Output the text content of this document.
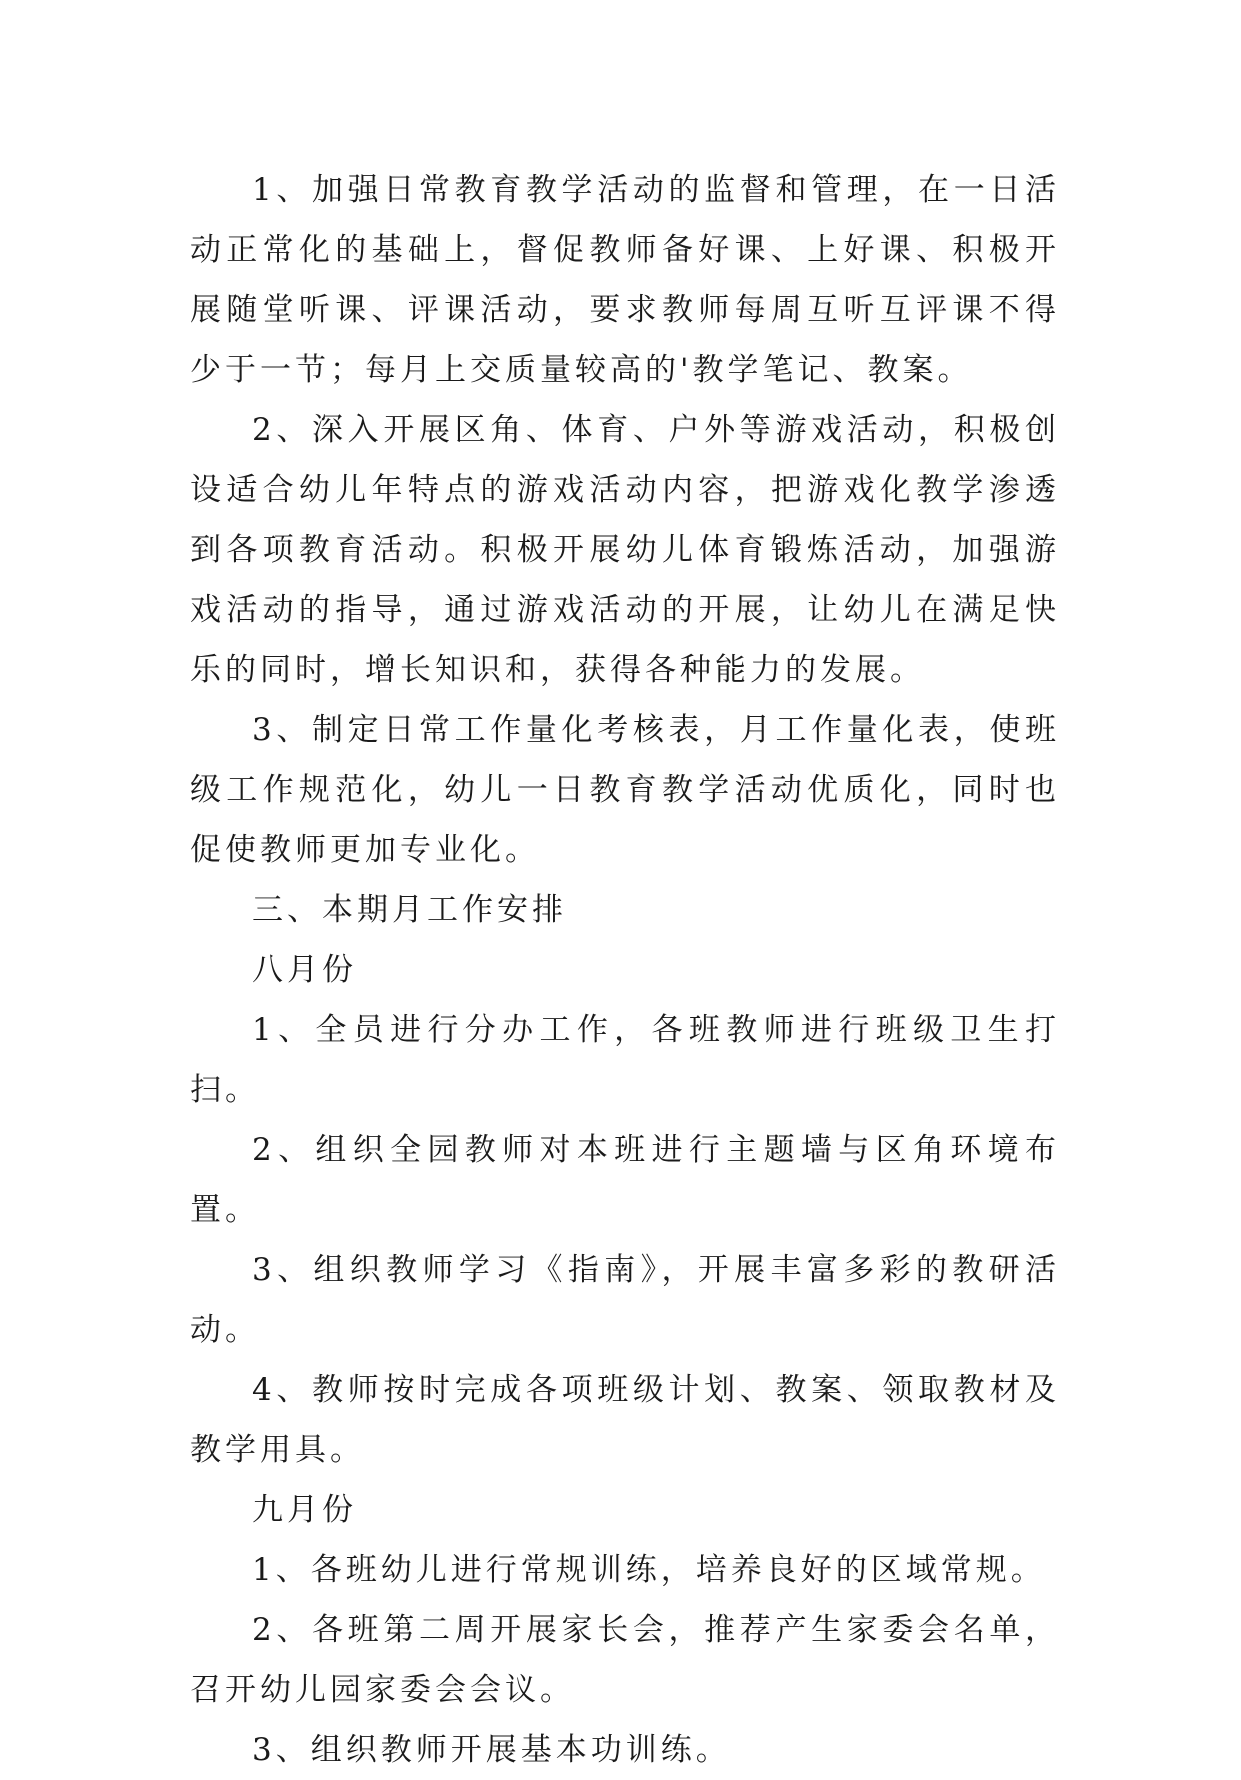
1、加强日常教育教学活动的监督和管理，在一日活动正常化的基础上，督促教师备好课、上好课、积极开展随堂听课、评课活动，要求教师每周互听互评课不得少于一节；每月上交质量较高的'教学笔记、教案。

2、深入开展区角、体育、户外等游戏活动，积极创设适合幼儿年特点的游戏活动内容，把游戏化教学渗透到各项教育活动。积极开展幼儿体育锻炼活动，加强游戏活动的指导，通过游戏活动的开展，让幼儿在满足快乐的同时，增长知识和，获得各种能力的发展。

3、制定日常工作量化考核表，月工作量化表，使班级工作规范化，幼儿一日教育教学活动优质化，同时也促使教师更加专业化。

三、本期月工作安排

八月份

1、全员进行分办工作，各班教师进行班级卫生打扫。

2、组织全园教师对本班进行主题墙与区角环境布置。

3、组织教师学习《指南》，开展丰富多彩的教研活动。

4、教师按时完成各项班级计划、教案、领取教材及教学用具。

九月份

1、各班幼儿进行常规训练，培养良好的区域常规。

2、各班第二周开展家长会，推荐产生家委会名单，召开幼儿园家委会会议。

3、组织教师开展基本功训练。
